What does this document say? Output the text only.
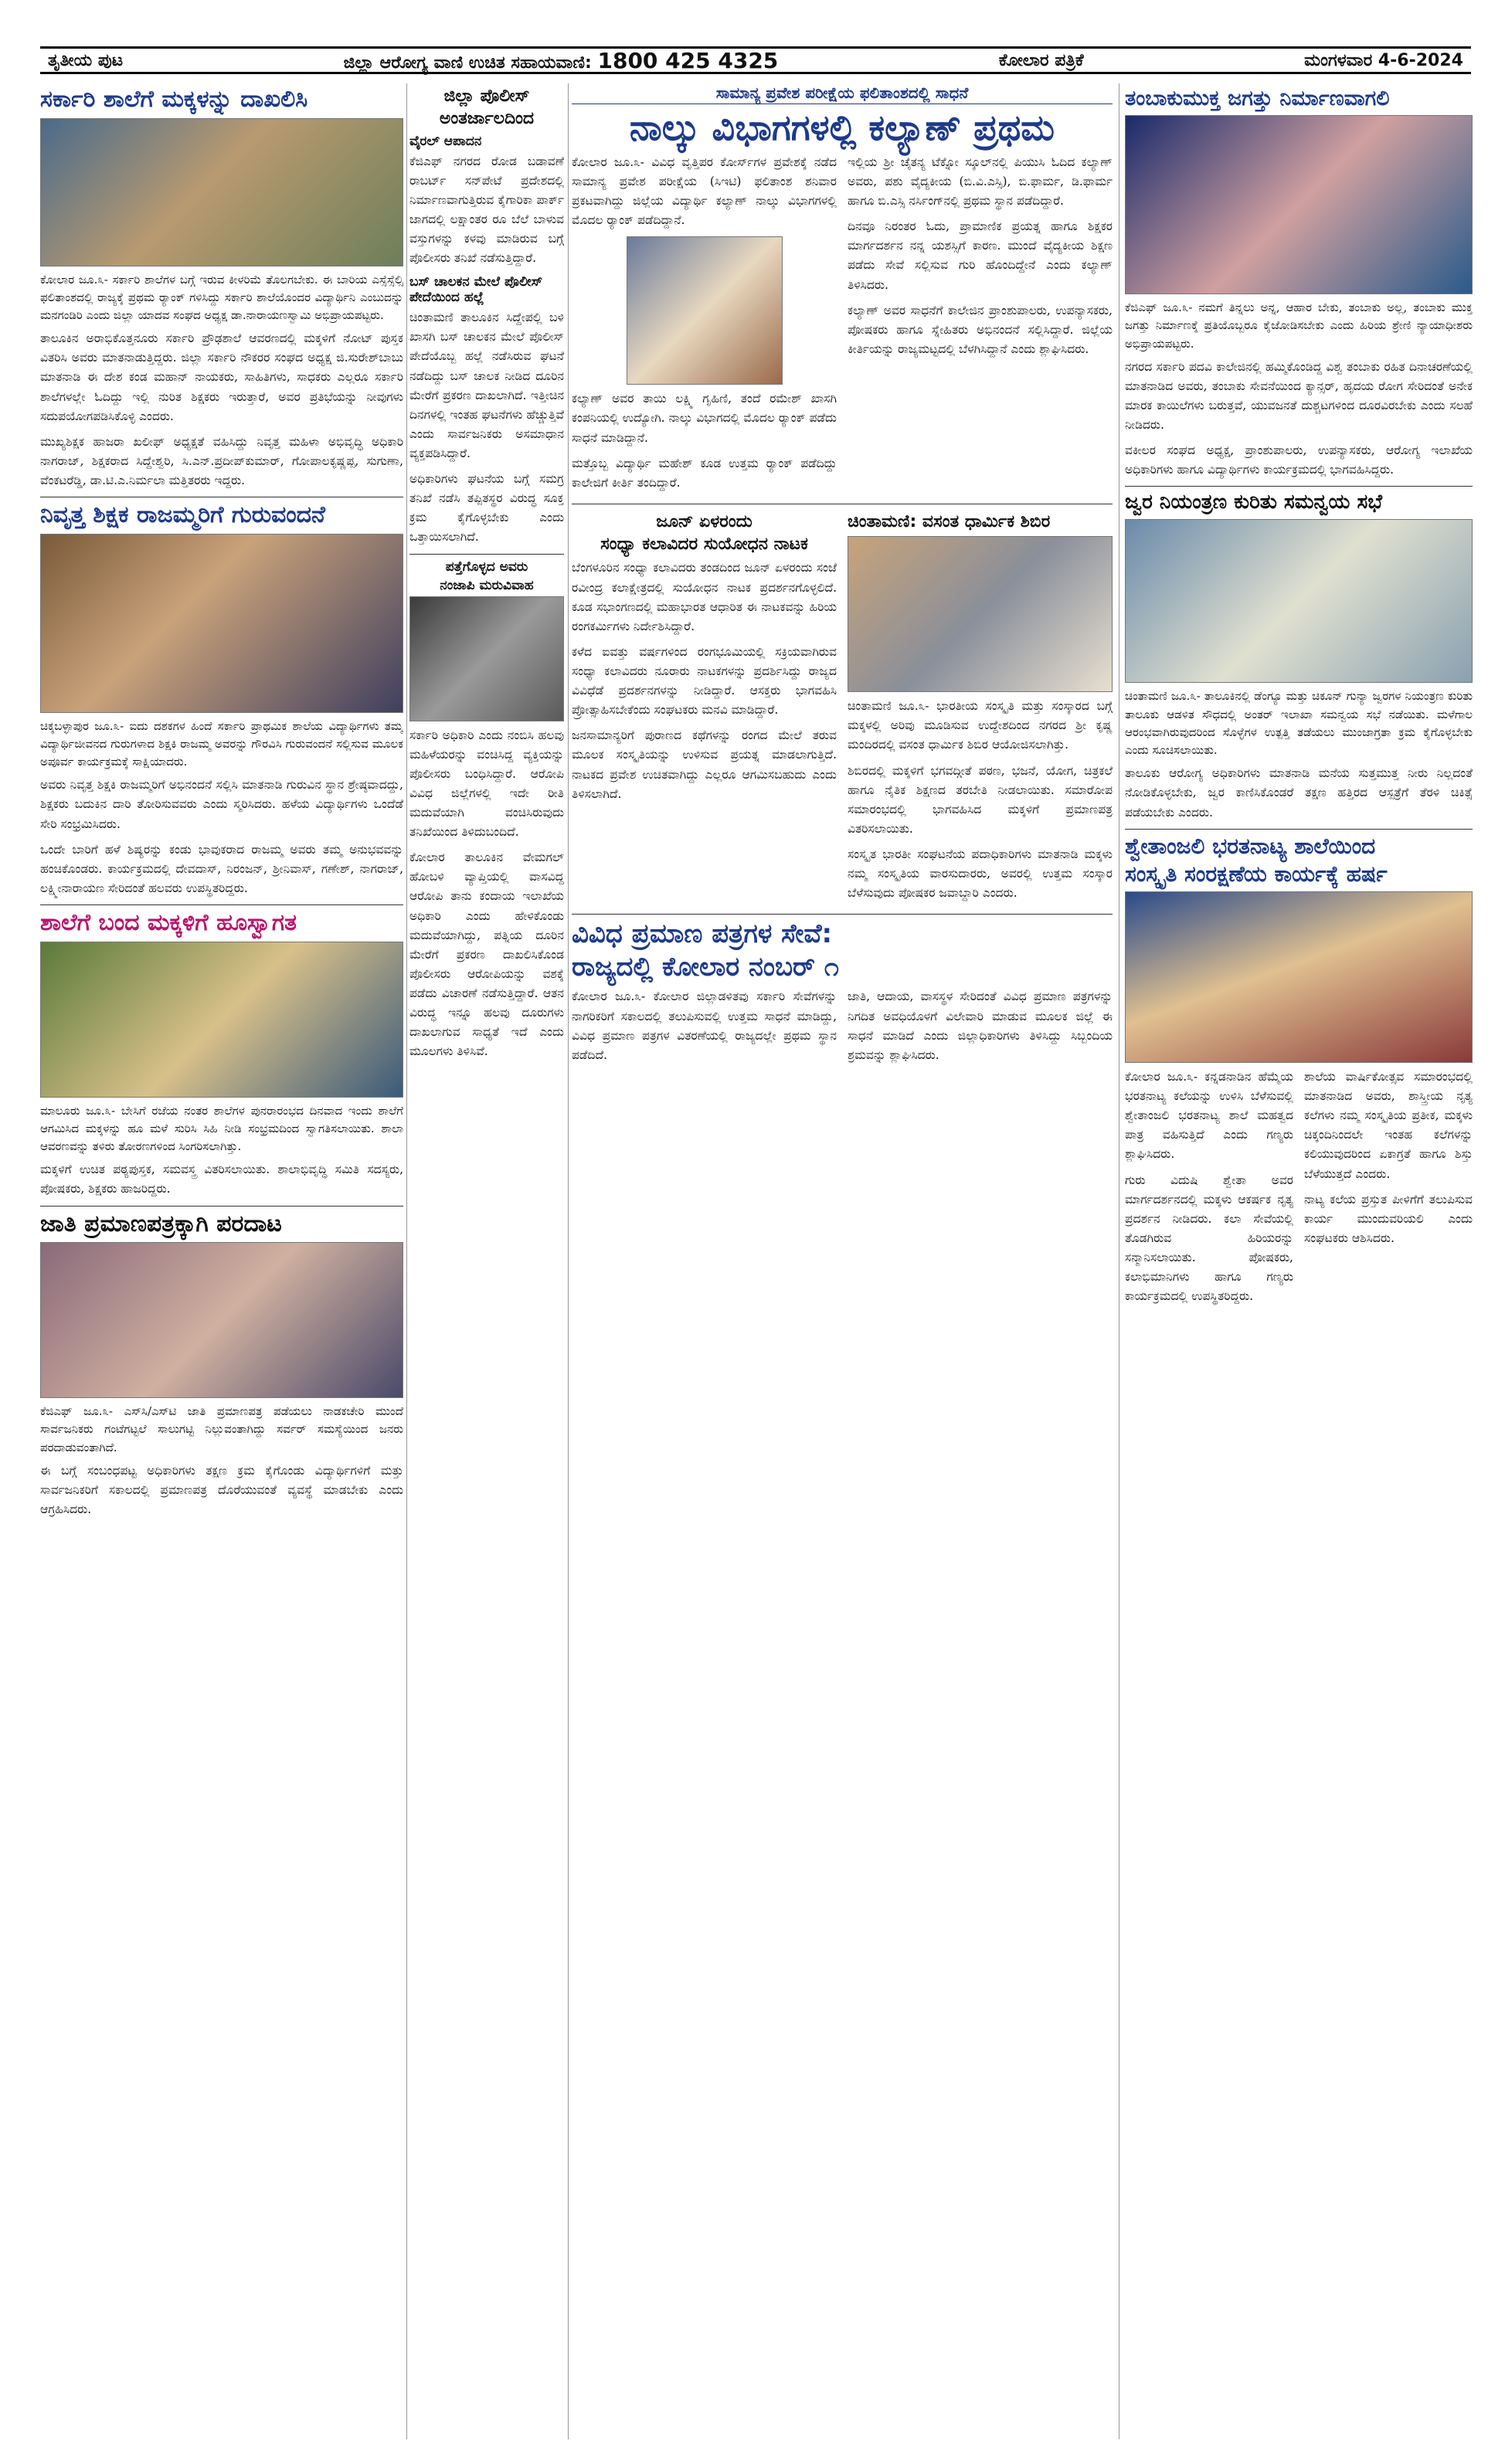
ತೃತೀಯ ಪುಟ	ಜಿಲ್ಲಾ ಆರೋಗ್ಯ ವಾಣಿ ಉಚಿತ ಸಹಾಯವಾಣಿ: 1800 425 4325	ಕೋಲಾರ ಪತ್ರಿಕೆ	ಮಂಗಳವಾರ 4-6-2024
ಸರ್ಕಾರಿ ಶಾಲೆಗೆ ಮಕ್ಕಳನ್ನು ದಾಖಲಿಸಿ

ಕೋಲಾರ ಜೂ.೩- ಸರ್ಕಾರಿ ಶಾಲೆಗಳ ಬಗ್ಗೆ ಇರುವ ಕೀಳರಿಮೆ ತೊಲಗಬೇಕು. ಈ ಬಾರಿಯ ಎಸ್ಸೆಸ್ಸೆಲ್ಸಿ ಫಲಿತಾಂಶದಲ್ಲಿ ರಾಜ್ಯಕ್ಕೆ ಪ್ರಥಮ ರ್‍ಯಾಂಕ್ ಗಳಿಸಿದ್ದು ಸರ್ಕಾರಿ ಶಾಲೆಯೊಂದರ ವಿದ್ಯಾರ್ಥಿನಿ ಎಂಬುದನ್ನು ಮನಗಂಡಿರಿ ಎಂದು ಜಿಲ್ಲಾ ಯಾದವ ಸಂಘದ ಅಧ್ಯಕ್ಷ ಡಾ.ನಾರಾಯಣಸ್ವಾಮಿ ಅಭಿಪ್ರಾಯಪಟ್ಟರು.

ತಾಲೂಕಿನ ಅರಾಭಿಕೊತ್ತನೂರು ಸರ್ಕಾರಿ ಪ್ರೌಢಶಾಲೆ ಆವರಣದಲ್ಲಿ ಮಕ್ಕಳಿಗೆ ನೋಟ್ ಪುಸ್ತಕ ವಿತರಿಸಿ ಅವರು ಮಾತನಾಡುತ್ತಿದ್ದರು. ಜಿಲ್ಲಾ ಸರ್ಕಾರಿ ನೌಕರರ ಸಂಘದ ಅಧ್ಯಕ್ಷ ಜಿ.ಸುರೇಶ್‌ಬಾಬು ಮಾತನಾಡಿ ಈ ದೇಶ ಕಂಡ ಮಹಾನ್ ನಾಯಕರು, ಸಾಹಿತಿಗಳು, ಸಾಧಕರು ಎಲ್ಲರೂ ಸರ್ಕಾರಿ ಶಾಲೆಗಳಲ್ಲೇ ಓದಿದ್ದು ಇಲ್ಲಿ ನುರಿತ ಶಿಕ್ಷಕರು ಇರುತ್ತಾರೆ, ಅವರ ಪ್ರತಿಭೆಯನ್ನು ನೀವುಗಳು ಸದುಪಯೋಗಪಡಿಸಿಕೊಳ್ಳಿ ಎಂದರು.

ಮುಖ್ಯಶಿಕ್ಷಕ ಹಾಜರಾ ಖಲೀಫ್ ಅಧ್ಯಕ್ಷತೆ ವಹಿಸಿದ್ದು ನಿವೃತ್ತ ಮಹಿಳಾ ಅಭಿವೃದ್ಧಿ ಅಧಿಕಾರಿ ನಾಗರಾಜ್, ಶಿಕ್ಷಕರಾದ ಸಿದ್ದೇಶ್ವರಿ, ಸಿ.ಎನ್.ಪ್ರದೀಪ್‌ಕುಮಾರ್, ಗೋಪಾಲಕೃಷ್ಣಪ್ಪ, ಸುಗುಣಾ, ವೆಂಕಟರೆಡ್ಡಿ, ಡಾ.ಟಿ.ಎ.ನಿರ್ಮಲಾ ಮತ್ತಿತರರು ಇದ್ದರು.

ನಿವೃತ್ತ ಶಿಕ್ಷಕ ರಾಜಮ್ಮರಿಗೆ ಗುರುವಂದನೆ

ಚಿಕ್ಕಬಳ್ಳಾಪುರ ಜೂ.೩- ಐದು ದಶಕಗಳ ಹಿಂದೆ ಸರ್ಕಾರಿ ಪ್ರಾಥಮಿಕ ಶಾಲೆಯ ವಿದ್ಯಾರ್ಥಿಗಳು ತಮ್ಮ ವಿದ್ಯಾರ್ಥಿಜೀವನದ ಗುರುಗಳಾದ ಶಿಕ್ಷಕಿ ರಾಜಮ್ಮ ಅವರನ್ನು ಗೌರವಿಸಿ ಗುರುವಂದನೆ ಸಲ್ಲಿಸುವ ಮೂಲಕ ಅಪೂರ್ವ ಕಾರ್ಯಕ್ರಮಕ್ಕೆ ಸಾಕ್ಷಿಯಾದರು.

ಅವರು ನಿವೃತ್ತ ಶಿಕ್ಷಕಿ ರಾಜಮ್ಮರಿಗೆ ಅಭಿನಂದನೆ ಸಲ್ಲಿಸಿ ಮಾತನಾಡಿ ಗುರುವಿನ ಸ್ಥಾನ ಶ್ರೇಷ್ಠವಾದದ್ದು, ಶಿಕ್ಷಕರು ಬದುಕಿನ ದಾರಿ ತೋರಿಸುವವರು ಎಂದು ಸ್ಮರಿಸಿದರು. ಹಳೆಯ ವಿದ್ಯಾರ್ಥಿಗಳು ಒಂದೆಡೆ ಸೇರಿ ಸಂಭ್ರಮಿಸಿದರು.

ಒಂದೇ ಬಾರಿಗೆ ಹಳೆ ಶಿಷ್ಯರನ್ನು ಕಂಡು ಭಾವುಕರಾದ ರಾಜಮ್ಮ ಅವರು ತಮ್ಮ ಅನುಭವವನ್ನು ಹಂಚಿಕೊಂಡರು. ಕಾರ್ಯಕ್ರಮದಲ್ಲಿ ದೇವದಾಸ್, ನಿರಂಜನ್, ಶ್ರೀನಿವಾಸ್, ಗಣೇಶ್, ನಾಗರಾಜ್, ಲಕ್ಷ್ಮೀನಾರಾಯಣ ಸೇರಿದಂತೆ ಹಲವರು ಉಪಸ್ಥಿತರಿದ್ದರು.

ಶಾಲೆಗೆ ಬಂದ ಮಕ್ಕಳಿಗೆ ಹೂಸ್ವಾಗತ

ಮಾಲೂರು ಜೂ.೩- ಬೇಸಿಗೆ ರಜೆಯ ನಂತರ ಶಾಲೆಗಳ ಪುನರಾರಂಭದ ದಿನವಾದ ಇಂದು ಶಾಲೆಗೆ ಆಗಮಿಸಿದ ಮಕ್ಕಳನ್ನು ಹೂ ಮಳೆ ಸುರಿಸಿ ಸಿಹಿ ನೀಡಿ ಸಂಭ್ರಮದಿಂದ ಸ್ವಾಗತಿಸಲಾಯಿತು. ಶಾಲಾ ಆವರಣವನ್ನು ತಳಿರು ತೋರಣಗಳಿಂದ ಸಿಂಗರಿಸಲಾಗಿತ್ತು.

ಮಕ್ಕಳಿಗೆ ಉಚಿತ ಪಠ್ಯಪುಸ್ತಕ, ಸಮವಸ್ತ್ರ ವಿತರಿಸಲಾಯಿತು. ಶಾಲಾಭಿವೃದ್ಧಿ ಸಮಿತಿ ಸದಸ್ಯರು, ಪೋಷಕರು, ಶಿಕ್ಷಕರು ಹಾಜರಿದ್ದರು.

ಜಾತಿ ಪ್ರಮಾಣಪತ್ರಕ್ಕಾಗಿ ಪರದಾಟ

ಕೆಜಿಎಫ್ ಜೂ.೩- ಎಸ್‌ಸಿ/ಎಸ್‌ಟಿ ಜಾತಿ ಪ್ರಮಾಣಪತ್ರ ಪಡೆಯಲು ನಾಡಕಚೇರಿ ಮುಂದೆ ಸಾರ್ವಜನಿಕರು ಗಂಟೆಗಟ್ಟಲೆ ಸಾಲುಗಟ್ಟಿ ನಿಲ್ಲುವಂತಾಗಿದ್ದು ಸರ್ವರ್ ಸಮಸ್ಯೆಯಿಂದ ಜನರು ಪರದಾಡುವಂತಾಗಿದೆ.

ಈ ಬಗ್ಗೆ ಸಂಬಂಧಪಟ್ಟ ಅಧಿಕಾರಿಗಳು ತಕ್ಷಣ ಕ್ರಮ ಕೈಗೊಂಡು ವಿದ್ಯಾರ್ಥಿಗಳಿಗೆ ಮತ್ತು ಸಾರ್ವಜನಿಕರಿಗೆ ಸಕಾಲದಲ್ಲಿ ಪ್ರಮಾಣಪತ್ರ ದೊರೆಯುವಂತೆ ವ್ಯವಸ್ಥೆ ಮಾಡಬೇಕು ಎಂದು ಆಗ್ರಹಿಸಿದರು.

ಜಿಲ್ಲಾ ಪೊಲೀಸ್
ಅಂತರ್ಜಾಲದಿಂದ
ವೈರಲ್ ಆಪಾದನ

ಕೆಜಿಎಫ್ ನಗರದ ರೋಡ ಬಡಾವಣೆ ರಾಬರ್ಟ್ ಸನ್‌ಪೇಟೆ ಪ್ರದೇಶದಲ್ಲಿ ನಿರ್ಮಾಣವಾಗುತ್ತಿರುವ ಕೈಗಾರಿಕಾ ಪಾರ್ಕ್ ಜಾಗದಲ್ಲಿ ಲಕ್ಷಾಂತರ ರೂ ಬೆಲೆ ಬಾಳುವ ವಸ್ತುಗಳನ್ನು ಕಳವು ಮಾಡಿರುವ ಬಗ್ಗೆ ಪೊಲೀಸರು ತನಿಖೆ ನಡೆಸುತ್ತಿದ್ದಾರೆ.

ಬಸ್ ಚಾಲಕನ ಮೇಲೆ ಪೊಲೀಸ್ ಪೇದೆಯಿಂದ ಹಲ್ಲೆ

ಚಿಂತಾಮಣಿ ತಾಲೂಕಿನ ಸಿದ್ದೇಪಲ್ಲಿ ಬಳಿ ಖಾಸಗಿ ಬಸ್ ಚಾಲಕನ ಮೇಲೆ ಪೊಲೀಸ್ ಪೇದೆಯೊಬ್ಬ ಹಲ್ಲೆ ನಡೆಸಿರುವ ಘಟನೆ ನಡೆದಿದ್ದು ಬಸ್ ಚಾಲಕ ನೀಡಿದ ದೂರಿನ ಮೇರೆಗೆ ಪ್ರಕರಣ ದಾಖಲಾಗಿದೆ. ಇತ್ತೀಚಿನ ದಿನಗಳಲ್ಲಿ ಇಂತಹ ಘಟನೆಗಳು ಹೆಚ್ಚುತ್ತಿವೆ ಎಂದು ಸಾರ್ವಜನಿಕರು ಅಸಮಾಧಾನ ವ್ಯಕ್ತಪಡಿಸಿದ್ದಾರೆ.

ಅಧಿಕಾರಿಗಳು ಘಟನೆಯ ಬಗ್ಗೆ ಸಮಗ್ರ ತನಿಖೆ ನಡೆಸಿ ತಪ್ಪಿತಸ್ಥರ ವಿರುದ್ಧ ಸೂಕ್ತ ಕ್ರಮ ಕೈಗೊಳ್ಳಬೇಕು ಎಂದು ಒತ್ತಾಯಿಸಲಾಗಿದೆ.

ಪತ್ತೆಗೊಳ್ಳದ ಅವರು
ನಂಜಾಪಿ ಮರುವಿವಾಹ

ಸರ್ಕಾರಿ ಅಧಿಕಾರಿ ಎಂದು ನಂಬಿಸಿ ಹಲವು ಮಹಿಳೆಯರನ್ನು ವಂಚಿಸಿದ್ದ ವ್ಯಕ್ತಿಯನ್ನು ಪೊಲೀಸರು ಬಂಧಿಸಿದ್ದಾರೆ. ಆರೋಪಿ ವಿವಿಧ ಜಿಲ್ಲೆಗಳಲ್ಲಿ ಇದೇ ರೀತಿ ಮದುವೆಯಾಗಿ ವಂಚಿಸಿರುವುದು ತನಿಖೆಯಿಂದ ತಿಳಿದುಬಂದಿದೆ.

ಕೋಲಾರ ತಾಲೂಕಿನ ವೇಮಗಲ್ ಹೋಬಳಿ ವ್ಯಾಪ್ತಿಯಲ್ಲಿ ವಾಸವಿದ್ದ ಆರೋಪಿ ತಾನು ಕಂದಾಯ ಇಲಾಖೆಯ ಅಧಿಕಾರಿ ಎಂದು ಹೇಳಿಕೊಂಡು ಮದುವೆಯಾಗಿದ್ದು, ಪತ್ನಿಯ ದೂರಿನ ಮೇರೆಗೆ ಪ್ರಕರಣ ದಾಖಲಿಸಿಕೊಂಡ ಪೊಲೀಸರು ಆರೋಪಿಯನ್ನು ವಶಕ್ಕೆ ಪಡೆದು ವಿಚಾರಣೆ ನಡೆಸುತ್ತಿದ್ದಾರೆ. ಆತನ ವಿರುದ್ಧ ಇನ್ನೂ ಹಲವು ದೂರುಗಳು ದಾಖಲಾಗುವ ಸಾಧ್ಯತೆ ಇದೆ ಎಂದು ಮೂಲಗಳು ತಿಳಿಸಿವೆ.

ಸಾಮಾನ್ಯ ಪ್ರವೇಶ ಪರೀಕ್ಷೆಯ ಫಲಿತಾಂಶದಲ್ಲಿ ಸಾಧನೆ
ನಾಲ್ಕು ವಿಭಾಗಗಳಲ್ಲಿ ಕಲ್ಯಾಣ್ ಪ್ರಥಮ

ಕೋಲಾರ ಜೂ.೩- ವಿವಿಧ ವೃತ್ತಿಪರ ಕೋರ್ಸ್‌ಗಳ ಪ್ರವೇಶಕ್ಕೆ ನಡೆದ ಸಾಮಾನ್ಯ ಪ್ರವೇಶ ಪರೀಕ್ಷೆಯ (ಸಿಇಟಿ) ಫಲಿತಾಂಶ ಶನಿವಾರ ಪ್ರಕಟವಾಗಿದ್ದು ಜಿಲ್ಲೆಯ ವಿದ್ಯಾರ್ಥಿ ಕಲ್ಯಾಣ್ ನಾಲ್ಕು ವಿಭಾಗಗಳಲ್ಲಿ ಮೊದಲ ರ್‍ಯಾಂಕ್ ಪಡೆದಿದ್ದಾನೆ.

ಕಲ್ಯಾಣ್ ಅವರ ತಾಯಿ ಲಕ್ಷ್ಮಿ ಗೃಹಿಣಿ, ತಂದೆ ರಮೇಶ್ ಖಾಸಗಿ ಕಂಪನಿಯಲ್ಲಿ ಉದ್ಯೋಗಿ. ನಾಲ್ಕು ವಿಭಾಗದಲ್ಲಿ ಮೊದಲ ರ್‍ಯಾಂಕ್ ಪಡೆದು ಸಾಧನೆ ಮಾಡಿದ್ದಾನೆ.

ಮತ್ತೊಬ್ಬ ವಿದ್ಯಾರ್ಥಿ ಮಹೇಶ್ ಕೂಡ ಉತ್ತಮ ರ್‍ಯಾಂಕ್ ಪಡೆದಿದ್ದು ಕಾಲೇಜಿಗೆ ಕೀರ್ತಿ ತಂದಿದ್ದಾರೆ.

ಇಲ್ಲಿಯ ಶ್ರೀ ಚೈತನ್ಯ ಟೆಕ್ನೋ ಸ್ಕೂಲ್‌ನಲ್ಲಿ ಪಿಯುಸಿ ಓದಿದ ಕಲ್ಯಾಣ್ ಅವರು, ಪಶು ವೈದ್ಯಕೀಯ (ಬಿ.ವಿ.ಎಸ್ಸಿ), ಬಿ.ಫಾರ್ಮ, ಡಿ.ಫಾರ್ಮ ಹಾಗೂ ಬಿ.ಎಸ್ಸಿ ನರ್ಸಿಂಗ್‌ನಲ್ಲಿ ಪ್ರಥಮ ಸ್ಥಾನ ಪಡೆದಿದ್ದಾರೆ.

ದಿನವೂ ನಿರಂತರ ಓದು, ಪ್ರಾಮಾಣಿಕ ಪ್ರಯತ್ನ ಹಾಗೂ ಶಿಕ್ಷಕರ ಮಾರ್ಗದರ್ಶನ ನನ್ನ ಯಶಸ್ಸಿಗೆ ಕಾರಣ. ಮುಂದೆ ವೈದ್ಯಕೀಯ ಶಿಕ್ಷಣ ಪಡೆದು ಸೇವೆ ಸಲ್ಲಿಸುವ ಗುರಿ ಹೊಂದಿದ್ದೇನೆ ಎಂದು ಕಲ್ಯಾಣ್ ತಿಳಿಸಿದರು.

ಕಲ್ಯಾಣ್ ಅವರ ಸಾಧನೆಗೆ ಕಾಲೇಜಿನ ಪ್ರಾಂಶುಪಾಲರು, ಉಪನ್ಯಾಸಕರು, ಪೋಷಕರು ಹಾಗೂ ಸ್ನೇಹಿತರು ಅಭಿನಂದನೆ ಸಲ್ಲಿಸಿದ್ದಾರೆ. ಜಿಲ್ಲೆಯ ಕೀರ್ತಿಯನ್ನು ರಾಜ್ಯಮಟ್ಟದಲ್ಲಿ ಬೆಳಗಿಸಿದ್ದಾನೆ ಎಂದು ಶ್ಲಾಘಿಸಿದರು.

ಜೂನ್ ಏಳರಂದು
ಸಂಧ್ಯಾ ಕಲಾವಿದರ ಸುಯೋಧನ ನಾಟಕ

ಬೆಂಗಳೂರಿನ ಸಂಧ್ಯಾ ಕಲಾವಿದರು ತಂಡದಿಂದ ಜೂನ್ ಏಳರಂದು ಸಂಜೆ ರವೀಂದ್ರ ಕಲಾಕ್ಷೇತ್ರದಲ್ಲಿ ಸುಯೋಧನ ನಾಟಕ ಪ್ರದರ್ಶನಗೊಳ್ಳಲಿದೆ. ಕೂಡ ಸಭಾಂಗಣದಲ್ಲಿ ಮಹಾಭಾರತ ಆಧಾರಿತ ಈ ನಾಟಕವನ್ನು ಹಿರಿಯ ರಂಗಕರ್ಮಿಗಳು ನಿರ್ದೇಶಿಸಿದ್ದಾರೆ.

ಕಳೆದ ಐವತ್ತು ವರ್ಷಗಳಿಂದ ರಂಗಭೂಮಿಯಲ್ಲಿ ಸಕ್ರಿಯವಾಗಿರುವ ಸಂಧ್ಯಾ ಕಲಾವಿದರು ನೂರಾರು ನಾಟಕಗಳನ್ನು ಪ್ರದರ್ಶಿಸಿದ್ದು ರಾಜ್ಯದ ವಿವಿಧೆಡೆ ಪ್ರದರ್ಶನಗಳನ್ನು ನೀಡಿದ್ದಾರೆ. ಆಸಕ್ತರು ಭಾಗವಹಿಸಿ ಪ್ರೋತ್ಸಾಹಿಸಬೇಕೆಂದು ಸಂಘಟಕರು ಮನವಿ ಮಾಡಿದ್ದಾರೆ.

ಜನಸಾಮಾನ್ಯರಿಗೆ ಪುರಾಣದ ಕಥೆಗಳನ್ನು ರಂಗದ ಮೇಲೆ ತರುವ ಮೂಲಕ ಸಂಸ್ಕೃತಿಯನ್ನು ಉಳಿಸುವ ಪ್ರಯತ್ನ ಮಾಡಲಾಗುತ್ತಿದೆ. ನಾಟಕದ ಪ್ರವೇಶ ಉಚಿತವಾಗಿದ್ದು ಎಲ್ಲರೂ ಆಗಮಿಸಬಹುದು ಎಂದು ತಿಳಿಸಲಾಗಿದೆ.

ಚಿಂತಾಮಣಿ: ವಸಂತ ಧಾರ್ಮಿಕ ಶಿಬಿರ

ಚಿಂತಾಮಣಿ ಜೂ.೩- ಭಾರತೀಯ ಸಂಸ್ಕೃತಿ ಮತ್ತು ಸಂಸ್ಕಾರದ ಬಗ್ಗೆ ಮಕ್ಕಳಲ್ಲಿ ಅರಿವು ಮೂಡಿಸುವ ಉದ್ದೇಶದಿಂದ ನಗರದ ಶ್ರೀ ಕೃಷ್ಣ ಮಂದಿರದಲ್ಲಿ ವಸಂತ ಧಾರ್ಮಿಕ ಶಿಬಿರ ಆಯೋಜಿಸಲಾಗಿತ್ತು.

ಶಿಬಿರದಲ್ಲಿ ಮಕ್ಕಳಿಗೆ ಭಗವದ್ಗೀತೆ ಪಠಣ, ಭಜನೆ, ಯೋಗ, ಚಿತ್ರಕಲೆ ಹಾಗೂ ನೈತಿಕ ಶಿಕ್ಷಣದ ತರಬೇತಿ ನೀಡಲಾಯಿತು. ಸಮಾರೋಪ ಸಮಾರಂಭದಲ್ಲಿ ಭಾಗವಹಿಸಿದ ಮಕ್ಕಳಿಗೆ ಪ್ರಮಾಣಪತ್ರ ವಿತರಿಸಲಾಯಿತು.

ಸಂಸ್ಕೃತ ಭಾರತೀ ಸಂಘಟನೆಯ ಪದಾಧಿಕಾರಿಗಳು ಮಾತನಾಡಿ ಮಕ್ಕಳು ನಮ್ಮ ಸಂಸ್ಕೃತಿಯ ವಾರಸುದಾರರು, ಅವರಲ್ಲಿ ಉತ್ತಮ ಸಂಸ್ಕಾರ ಬೆಳೆಸುವುದು ಪೋಷಕರ ಜವಾಬ್ದಾರಿ ಎಂದರು.

ವಿವಿಧ ಪ್ರಮಾಣ ಪತ್ರಗಳ ಸೇವೆ:
ರಾಜ್ಯದಲ್ಲಿ ಕೋಲಾರ ನಂಬರ್ ೧

ಕೋಲಾರ ಜೂ.೩- ಕೋಲಾರ ಜಿಲ್ಲಾಡಳಿತವು ಸರ್ಕಾರಿ ಸೇವೆಗಳನ್ನು ನಾಗರಿಕರಿಗೆ ಸಕಾಲದಲ್ಲಿ ತಲುಪಿಸುವಲ್ಲಿ ಉತ್ತಮ ಸಾಧನೆ ಮಾಡಿದ್ದು, ವಿವಿಧ ಪ್ರಮಾಣ ಪತ್ರಗಳ ವಿತರಣೆಯಲ್ಲಿ ರಾಜ್ಯದಲ್ಲೇ ಪ್ರಥಮ ಸ್ಥಾನ ಪಡೆದಿದೆ.

ಜಾತಿ, ಆದಾಯ, ವಾಸಸ್ಥಳ ಸೇರಿದಂತೆ ವಿವಿಧ ಪ್ರಮಾಣ ಪತ್ರಗಳನ್ನು ನಿಗದಿತ ಅವಧಿಯೊಳಗೆ ವಿಲೇವಾರಿ ಮಾಡುವ ಮೂಲಕ ಜಿಲ್ಲೆ ಈ ಸಾಧನೆ ಮಾಡಿದೆ ಎಂದು ಜಿಲ್ಲಾಧಿಕಾರಿಗಳು ತಿಳಿಸಿದ್ದು ಸಿಬ್ಬಂದಿಯ ಶ್ರಮವನ್ನು ಶ್ಲಾಘಿಸಿದರು.

ತಂಬಾಕುಮುಕ್ತ ಜಗತ್ತು ನಿರ್ಮಾಣವಾಗಲಿ

ಕೆಜಿಎಫ್ ಜೂ.೩- ನಮಗೆ ತಿನ್ನಲು ಅನ್ನ, ಆಹಾರ ಬೇಕು, ತಂಬಾಕು ಅಲ್ಲ, ತಂಬಾಕು ಮುಕ್ತ ಜಗತ್ತು ನಿರ್ಮಾಣಕ್ಕೆ ಪ್ರತಿಯೊಬ್ಬರೂ ಕೈಜೋಡಿಸಬೇಕು ಎಂದು ಹಿರಿಯ ಶ್ರೇಣಿ ನ್ಯಾಯಾಧೀಶರು ಅಭಿಪ್ರಾಯಪಟ್ಟರು.

ನಗರದ ಸರ್ಕಾರಿ ಪದವಿ ಕಾಲೇಜಿನಲ್ಲಿ ಹಮ್ಮಿಕೊಂಡಿದ್ದ ವಿಶ್ವ ತಂಬಾಕು ರಹಿತ ದಿನಾಚರಣೆಯಲ್ಲಿ ಮಾತನಾಡಿದ ಅವರು, ತಂಬಾಕು ಸೇವನೆಯಿಂದ ಕ್ಯಾನ್ಸರ್, ಹೃದಯ ರೋಗ ಸೇರಿದಂತೆ ಅನೇಕ ಮಾರಕ ಕಾಯಿಲೆಗಳು ಬರುತ್ತವೆ, ಯುವಜನತೆ ದುಶ್ಚಟಗಳಿಂದ ದೂರವಿರಬೇಕು ಎಂದು ಸಲಹೆ ನೀಡಿದರು.

ವಕೀಲರ ಸಂಘದ ಅಧ್ಯಕ್ಷ, ಪ್ರಾಂಶುಪಾಲರು, ಉಪನ್ಯಾಸಕರು, ಆರೋಗ್ಯ ಇಲಾಖೆಯ ಅಧಿಕಾರಿಗಳು ಹಾಗೂ ವಿದ್ಯಾರ್ಥಿಗಳು ಕಾರ್ಯಕ್ರಮದಲ್ಲಿ ಭಾಗವಹಿಸಿದ್ದರು.

ಜ್ವರ ನಿಯಂತ್ರಣ ಕುರಿತು ಸಮನ್ವಯ ಸಭೆ

ಚಿಂತಾಮಣಿ ಜೂ.೩- ತಾಲೂಕಿನಲ್ಲಿ ಡೆಂಗ್ಯೂ ಮತ್ತು ಚಿಕೂನ್ ಗುನ್ಯಾ ಜ್ವರಗಳ ನಿಯಂತ್ರಣ ಕುರಿತು ತಾಲೂಕು ಆಡಳಿತ ಸೌಧದಲ್ಲಿ ಅಂತರ್ ಇಲಾಖಾ ಸಮನ್ವಯ ಸಭೆ ನಡೆಯಿತು. ಮಳೆಗಾಲ ಆರಂಭವಾಗಿರುವುದರಿಂದ ಸೊಳ್ಳೆಗಳ ಉತ್ಪತ್ತಿ ತಡೆಯಲು ಮುಂಜಾಗ್ರತಾ ಕ್ರಮ ಕೈಗೊಳ್ಳಬೇಕು ಎಂದು ಸೂಚಿಸಲಾಯಿತು.

ತಾಲೂಕು ಆರೋಗ್ಯ ಅಧಿಕಾರಿಗಳು ಮಾತನಾಡಿ ಮನೆಯ ಸುತ್ತಮುತ್ತ ನೀರು ನಿಲ್ಲದಂತೆ ನೋಡಿಕೊಳ್ಳಬೇಕು, ಜ್ವರ ಕಾಣಿಸಿಕೊಂಡರೆ ತಕ್ಷಣ ಹತ್ತಿರದ ಆಸ್ಪತ್ರೆಗೆ ತೆರಳಿ ಚಿಕಿತ್ಸೆ ಪಡೆಯಬೇಕು ಎಂದರು.

ಶ್ವೇತಾಂಜಲಿ ಭರತನಾಟ್ಯ ಶಾಲೆಯಿಂದ
ಸಂಸ್ಕೃತಿ ಸಂರಕ್ಷಣೆಯ ಕಾರ್ಯಕ್ಕೆ ಹರ್ಷ

ಕೋಲಾರ ಜೂ.೩- ಕನ್ನಡನಾಡಿನ ಹೆಮ್ಮೆಯ ಭರತನಾಟ್ಯ ಕಲೆಯನ್ನು ಉಳಿಸಿ ಬೆಳೆಸುವಲ್ಲಿ ಶ್ವೇತಾಂಜಲಿ ಭರತನಾಟ್ಯ ಶಾಲೆ ಮಹತ್ವದ ಪಾತ್ರ ವಹಿಸುತ್ತಿದೆ ಎಂದು ಗಣ್ಯರು ಶ್ಲಾಘಿಸಿದರು.

ಗುರು ವಿದುಷಿ ಶ್ವೇತಾ ಅವರ ಮಾರ್ಗದರ್ಶನದಲ್ಲಿ ಮಕ್ಕಳು ಆಕರ್ಷಕ ನೃತ್ಯ ಪ್ರದರ್ಶನ ನೀಡಿದರು. ಕಲಾ ಸೇವೆಯಲ್ಲಿ ತೊಡಗಿರುವ ಹಿರಿಯರನ್ನು ಸನ್ಮಾನಿಸಲಾಯಿತು. ಪೋಷಕರು, ಕಲಾಭಿಮಾನಿಗಳು ಹಾಗೂ ಗಣ್ಯರು ಕಾರ್ಯಕ್ರಮದಲ್ಲಿ ಉಪಸ್ಥಿತರಿದ್ದರು.

ಶಾಲೆಯ ವಾರ್ಷಿಕೋತ್ಸವ ಸಮಾರಂಭದಲ್ಲಿ ಮಾತನಾಡಿದ ಅವರು, ಶಾಸ್ತ್ರೀಯ ನೃತ್ಯ ಕಲೆಗಳು ನಮ್ಮ ಸಂಸ್ಕೃತಿಯ ಪ್ರತೀಕ, ಮಕ್ಕಳು ಚಿಕ್ಕಂದಿನಿಂದಲೇ ಇಂತಹ ಕಲೆಗಳನ್ನು ಕಲಿಯುವುದರಿಂದ ಏಕಾಗ್ರತೆ ಹಾಗೂ ಶಿಸ್ತು ಬೆಳೆಯುತ್ತದೆ ಎಂದರು.

ನಾಟ್ಯ ಕಲೆಯ ಪ್ರಸ್ತುತ ಪೀಳಿಗೆಗೆ ತಲುಪಿಸುವ ಕಾರ್ಯ ಮುಂದುವರಿಯಲಿ ಎಂದು ಸಂಘಟಕರು ಆಶಿಸಿದರು.
